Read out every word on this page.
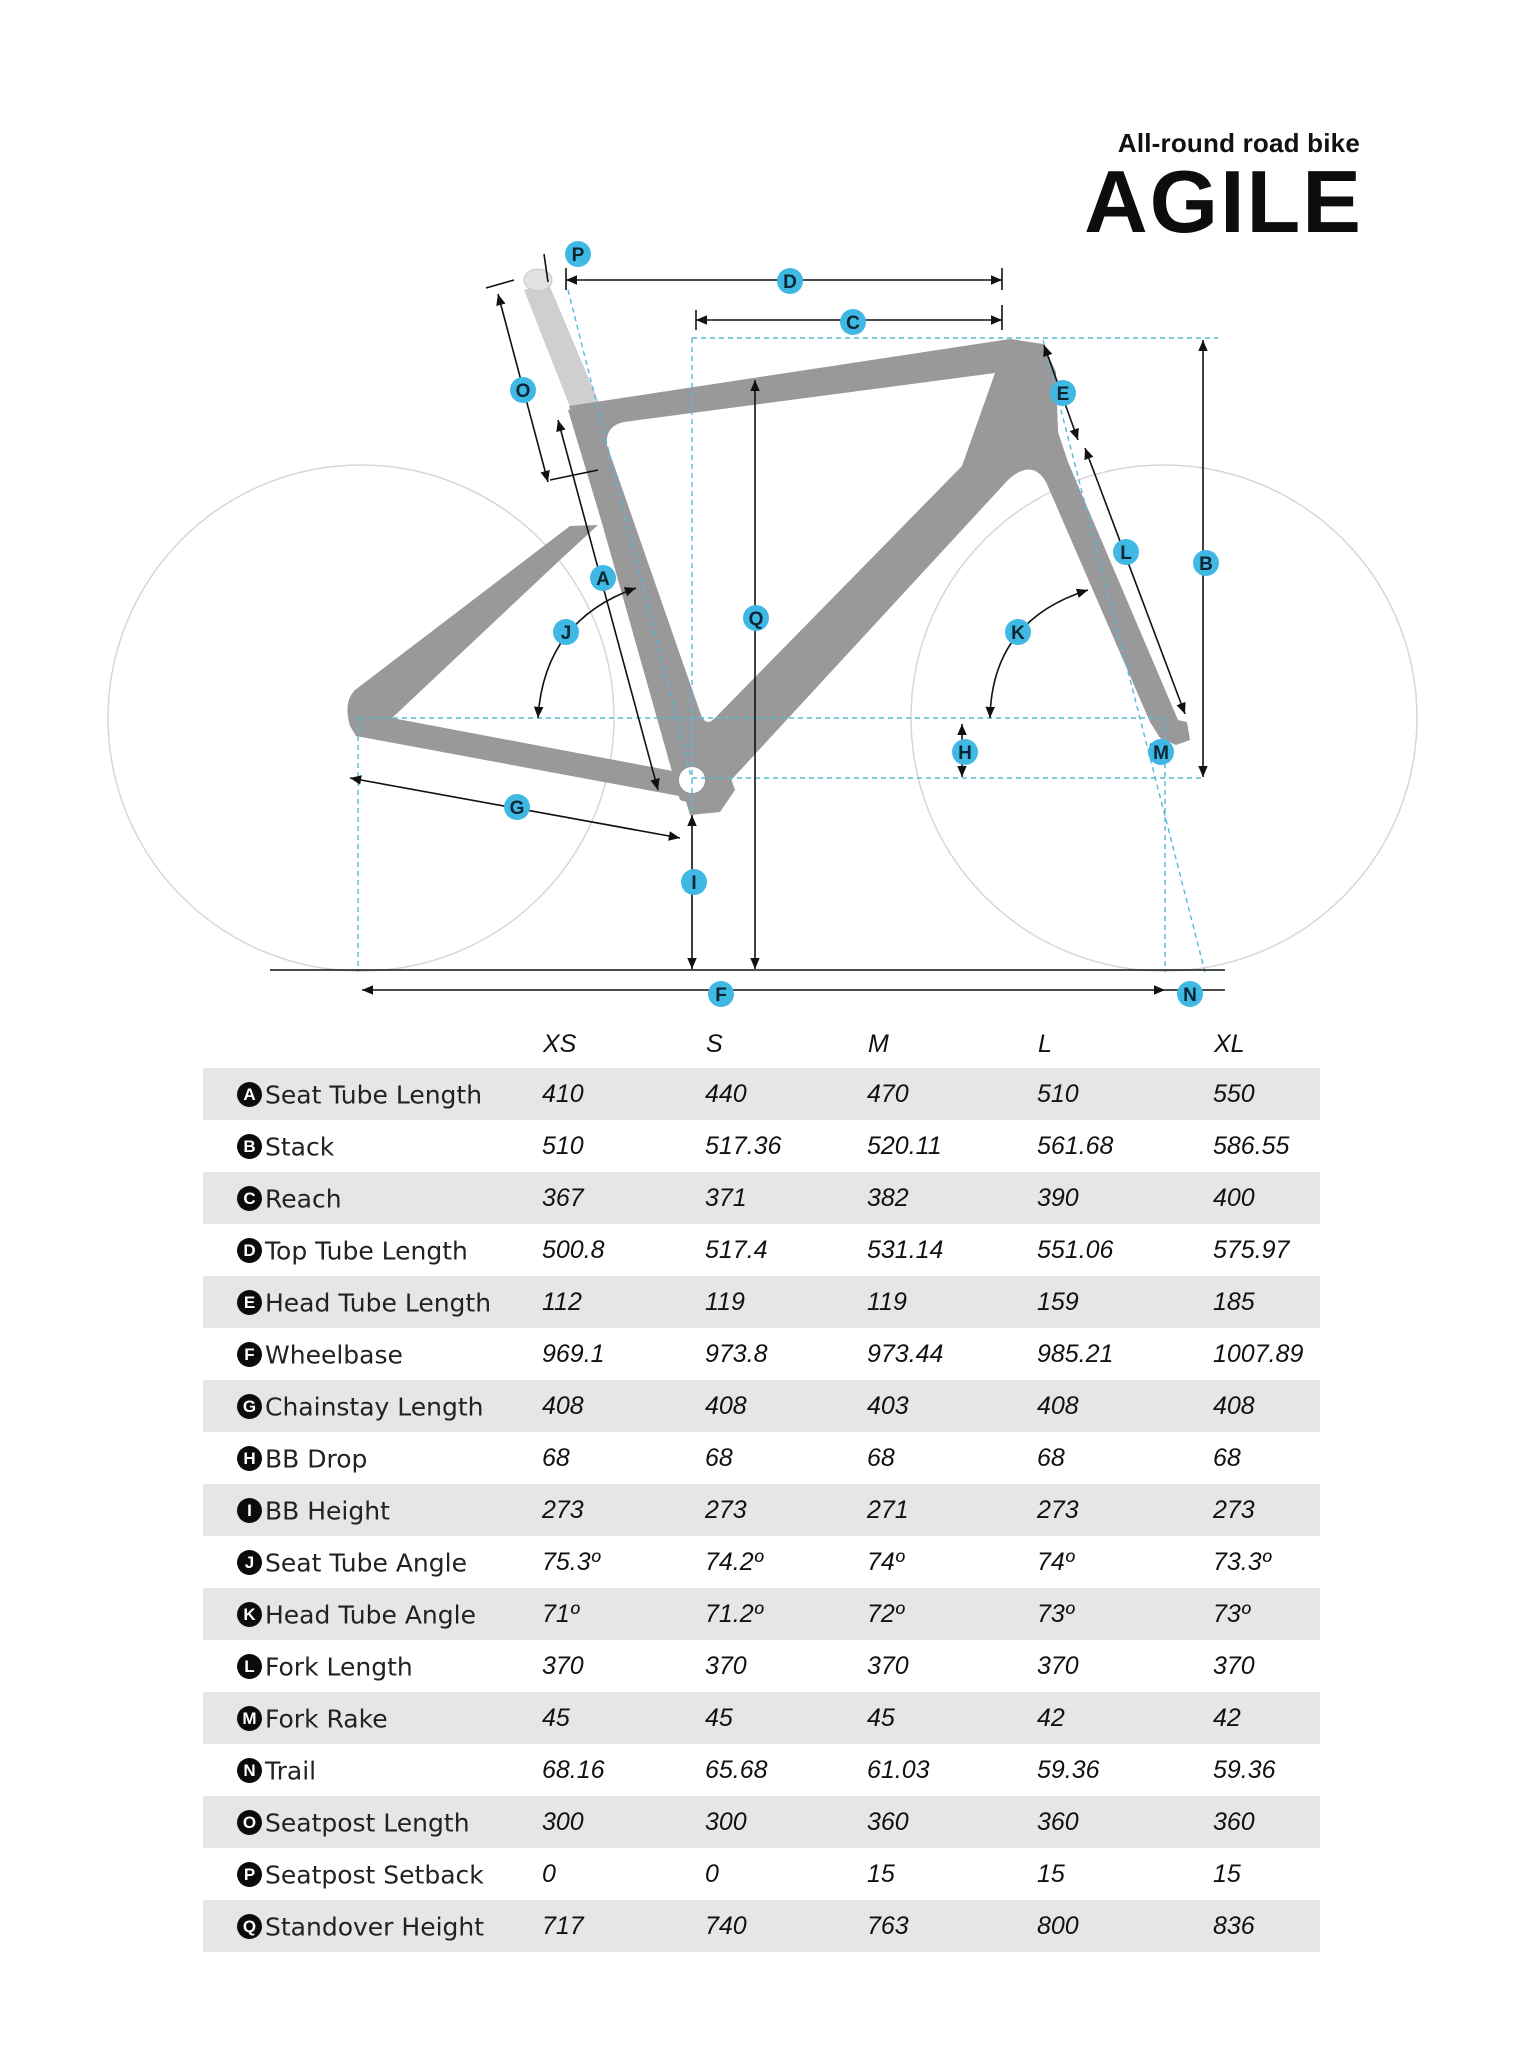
All-round road bike
AGILE
A
B
C
D
E
F
G
H
I
J	K
L
M
N
O
P
Q
	XS	S	M	L	XL
A Seat Tube Length	410	440	470	510	550
B Stack	510	517.36	520.11	561.68	586.55
C Reach	367	371	382	390	400
D Top Tube Length	500.8	517.4	531.14	551.06	575.97
E Head Tube Length	112	119	119	159	185
F Wheelbase	969.1	973.8	973.44	985.21	1007.89
G Chainstay Length	408	408	403	408	408
H BB Drop	68	68	68	68	68
I BB Height	273	273	271	273	273
J Seat Tube Angle	75.3º	74.2º	74º	74º	73.3º
K Head Tube Angle	71º	71.2º	72º	73º	73º
L Fork Length	370	370	370	370	370
M Fork Rake	45	45	45	42	42
N Trail	68.16	65.68	61.03	59.36	59.36
O Seatpost Length	300	300	360	360	360
P Seatpost Setback	0	0	15	15	15
Q Standover Height	717	740	763	800	836
